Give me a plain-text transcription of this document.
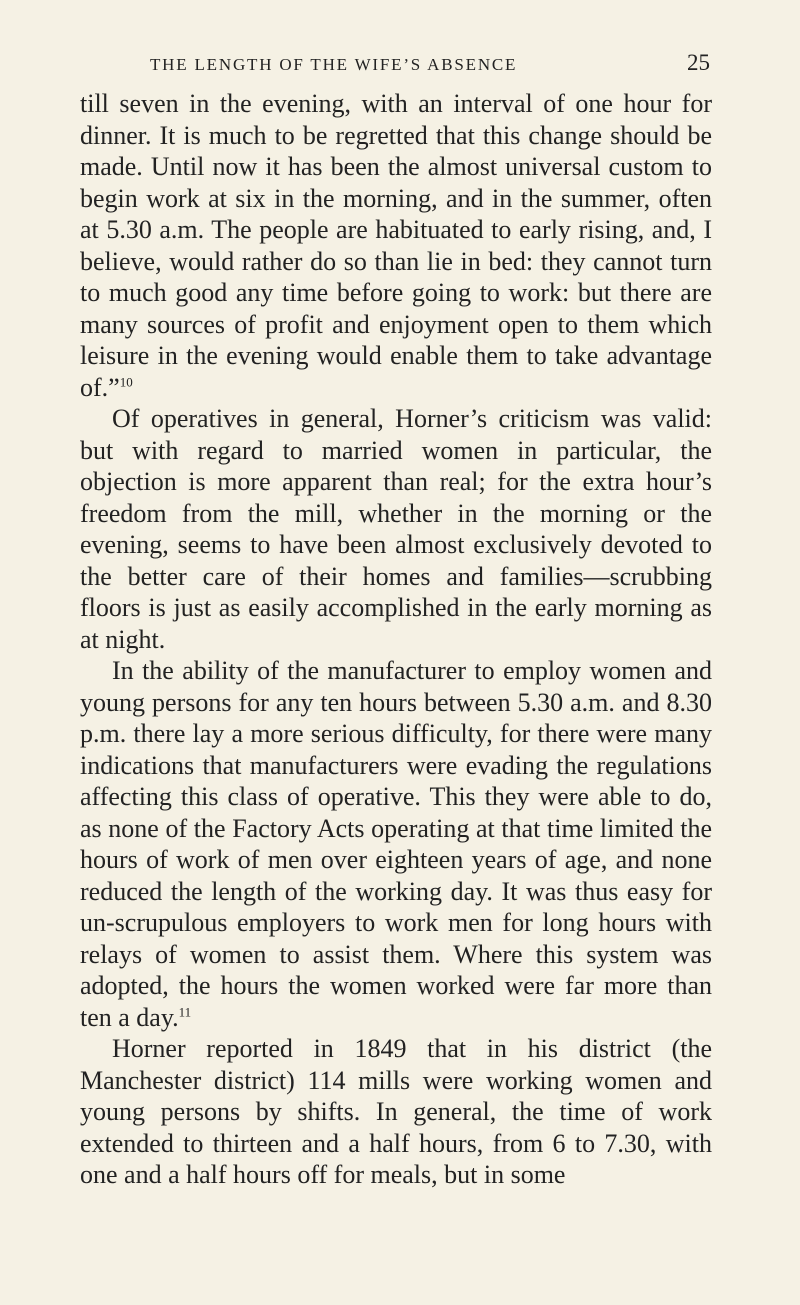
THE LENGTH OF THE WIFE’S ABSENCE	25

till seven in the evening, with an interval of one hour for dinner. It is much to be regretted that this change should be made. Until now it has been the almost universal custom to begin work at six in the morning, and in the summer, often at 5.30 a.m. The people are habituated to early rising, and, I believe, would rather do so than lie in bed: they cannot turn to much good any time before going to work: but there are many sources of profit and enjoyment open to them which leisure in the evening would enable them to take advantage of.”$^{10}$

Of operatives in general, Horner’s criticism was valid: but with regard to married women in particular, the objection is more apparent than real; for the extra hour’s freedom from the mill, whether in the morning or the evening, seems to have been almost exclusively devoted to the better care of their homes and families—scrubbing floors is just as easily accomplished in the early morning as at night.

In the ability of the manufacturer to employ women and young persons for any ten hours between 5.30 a.m. and 8.30 p.m. there lay a more serious difficulty, for there were many indications that manufacturers were evading the regulations affecting this class of operative. This they were able to do, as none of the Factory Acts operating at that time limited the hours of work of men over eighteen years of age, and none reduced the length of the working day. It was thus easy for un-scrupulous employers to work men for long hours with relays of women to assist them. Where this system was adopted, the hours the women worked were far more than ten a day.$^{11}$

Horner reported in 1849 that in his district (the Manchester district) 114 mills were working women and young persons by shifts. In general, the time of work extended to thirteen and a half hours, from 6 to 7.30, with one and a half hours off for meals, but in some
